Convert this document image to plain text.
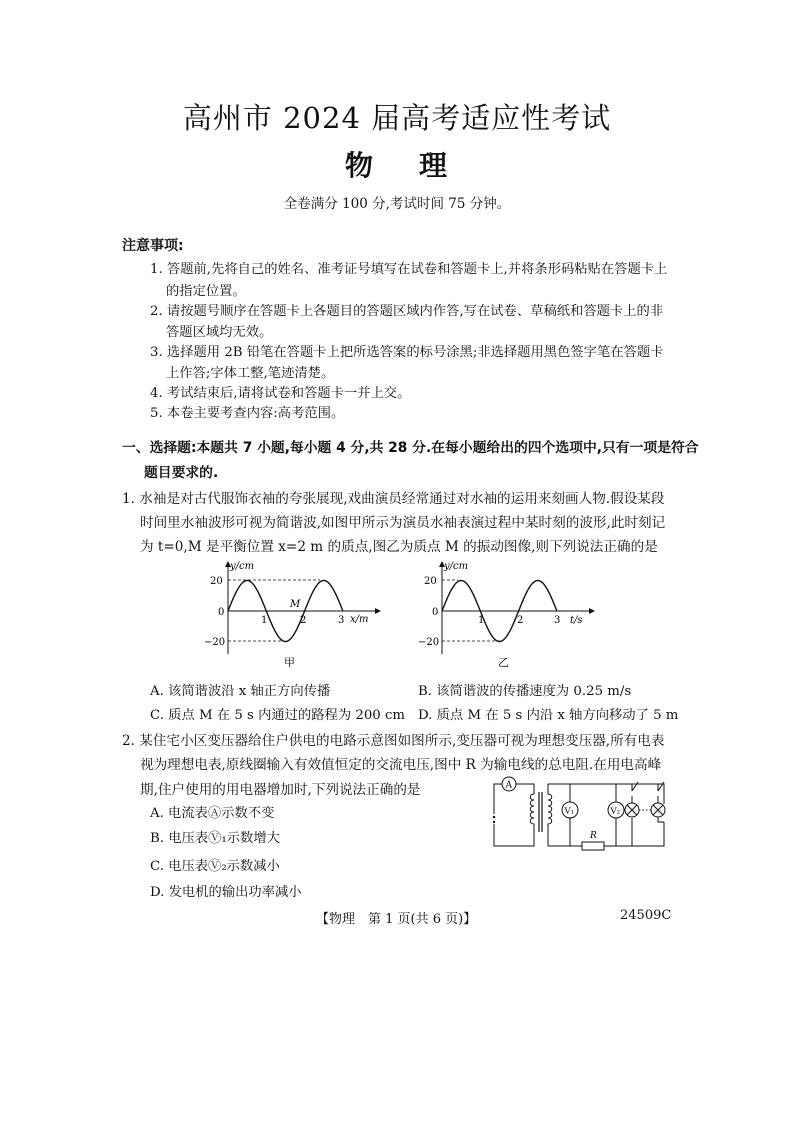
高州市 2024 届高考适应性考试
物 理
全卷满分 100 分,考试时间 75 分钟。
注意事项:
1. 答题前,先将自己的姓名、准考证号填写在试卷和答题卡上,并将条形码粘贴在答题卡上
的指定位置。
2. 请按题号顺序在答题卡上各题目的答题区域内作答,写在试卷、草稿纸和答题卡上的非
答题区域均无效。
3. 选择题用 2B 铅笔在答题卡上把所选答案的标号涂黑;非选择题用黑色签字笔在答题卡
上作答;字体工整,笔迹清楚。
4. 考试结束后,请将试卷和答题卡一并上交。
5. 本卷主要考查内容:高考范围。
一、选择题:本题共 7 小题,每小题 4 分,共 28 分.在每小题给出的四个选项中,只有一项是符合
题目要求的.
1. 水袖是对古代服饰衣袖的夸张展现,戏曲演员经常通过对水袖的运用来刻画人物.假设某段
时间里水袖波形可视为简谐波,如图甲所示为演员水袖表演过程中某时刻的波形,此时刻记
为 t=0,M 是平衡位置 x=2 m 的质点,图乙为质点 M 的振动图像,则下列说法正确的是
y/cm
x/m
20
0
−20
1	2	3
M
甲
y/cm
t/s
20
0
−20
1	2	3
乙
A. 该简谐波沿 x 轴正方向传播	B. 该简谐波的传播速度为 0.25 m/s
C. 质点 M 在 5 s 内通过的路程为 200 cm D. 质点 M 在 5 s 内沿 x 轴方向移动了 5 m
2. 某住宅小区变压器给住户供电的电路示意图如图所示,变压器可视为理想变压器,所有电表
视为理想电表,原线圈输入有效值恒定的交流电压,图中 R 为输电线的总电阻.在用电高峰
期,住户使用的用电器增加时,下列说法正确的是
A. 电流表Ⓐ示数不变
B. 电压表Ⓥ₁示数增大
C. 电压表Ⓥ₂示数减小
D. 发电机的输出功率减小
A
V₁	V₂
R
【物理　第 1 页(共 6 页)】	24509C
